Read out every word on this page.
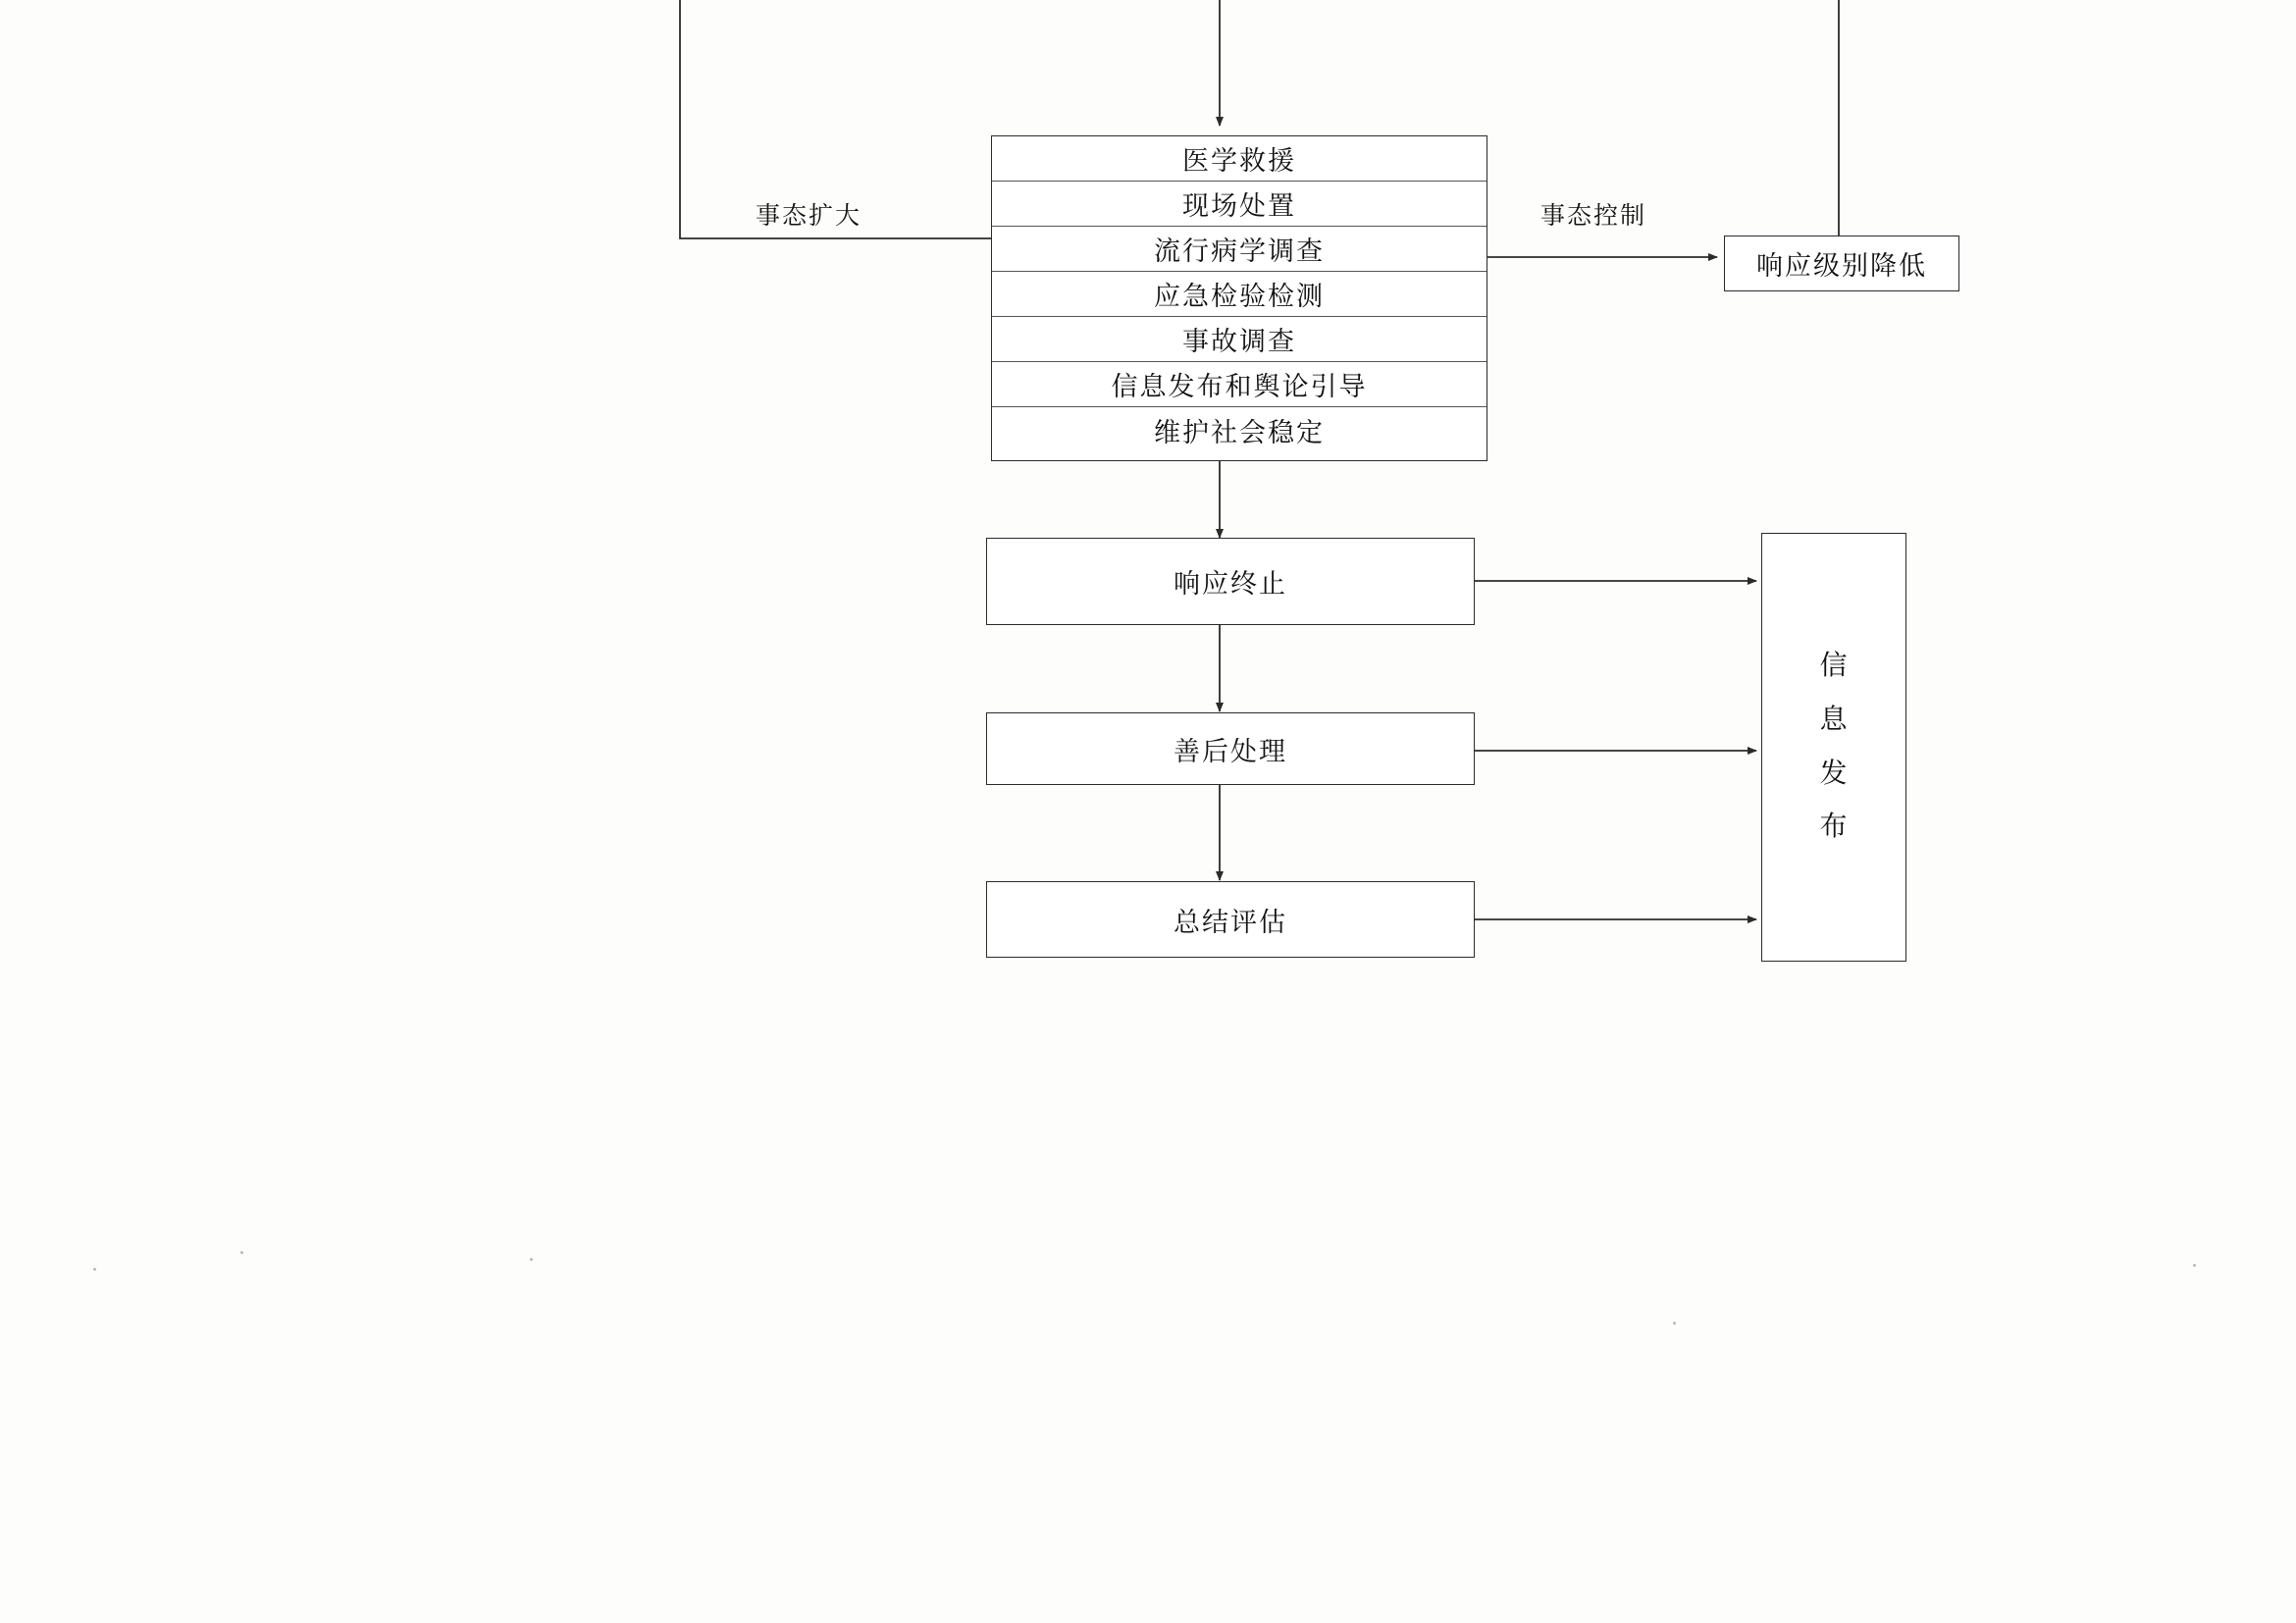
医学救援
现场处置
流行病学调查
应急检验检测
事故调查
信息发布和舆论引导
维护社会稳定
事态扩大	事态控制
响应级别降低
响应终止
善后处理
总结评估
信
息
发
布
